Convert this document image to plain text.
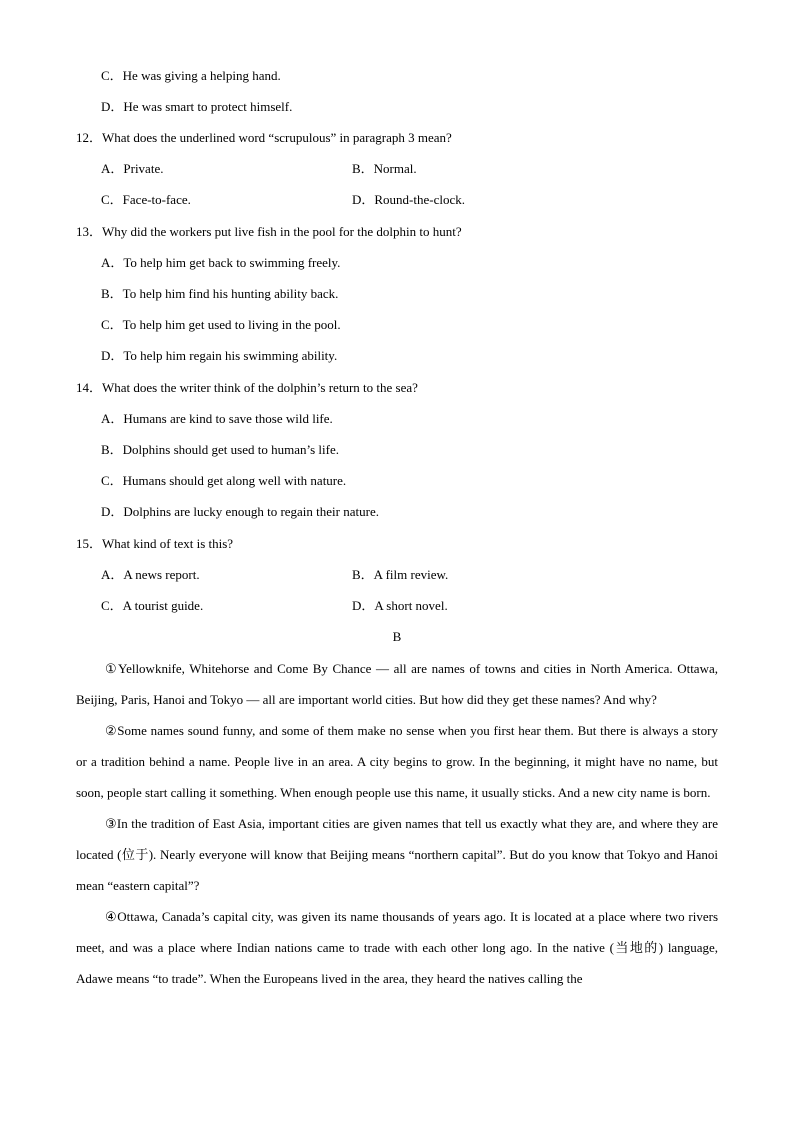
C．He was giving a helping hand.
D．He was smart to protect himself.
12．What does the underlined word “scrupulous” in paragraph 3 mean?
A．Private.	B．Normal.
C．Face-to-face.	D．Round-the-clock.
13．Why did the workers put live fish in the pool for the dolphin to hunt?
A．To help him get back to swimming freely.
B．To help him find his hunting ability back.
C．To help him get used to living in the pool.
D．To help him regain his swimming ability.
14．What does the writer think of the dolphin’s return to the sea?
A．Humans are kind to save those wild life.
B．Dolphins should get used to human’s life.
C．Humans should get along well with nature.
D．Dolphins are lucky enough to regain their nature.
15．What kind of text is this?
A．A news report.	B．A film review.
C．A tourist guide.	D．A short novel.
B

①Yellowknife, Whitehorse and Come By Chance — all are names of towns and cities in North America. Ottawa, Beijing, Paris, Hanoi and Tokyo — all are important world cities. But how did they get these names? And why?

②Some names sound funny, and some of them make no sense when you first hear them. But there is always a story or a tradition behind a name. People live in an area. A city begins to grow. In the beginning, it might have no name, but soon, people start calling it something. When enough people use this name, it usually sticks. And a new city name is born.

③In the tradition of East Asia, important cities are given names that tell us exactly what they are, and where they are located (位于). Nearly everyone will know that Beijing means “northern capital”. But do you know that Tokyo and Hanoi mean “eastern capital”?

④Ottawa, Canada’s capital city, was given its name thousands of years ago. It is located at a place where two rivers meet, and was a place where Indian nations came to trade with each other long ago. In the native (当地的) language, Adawe means “to trade”. When the Europeans lived in the area, they heard the natives calling the
